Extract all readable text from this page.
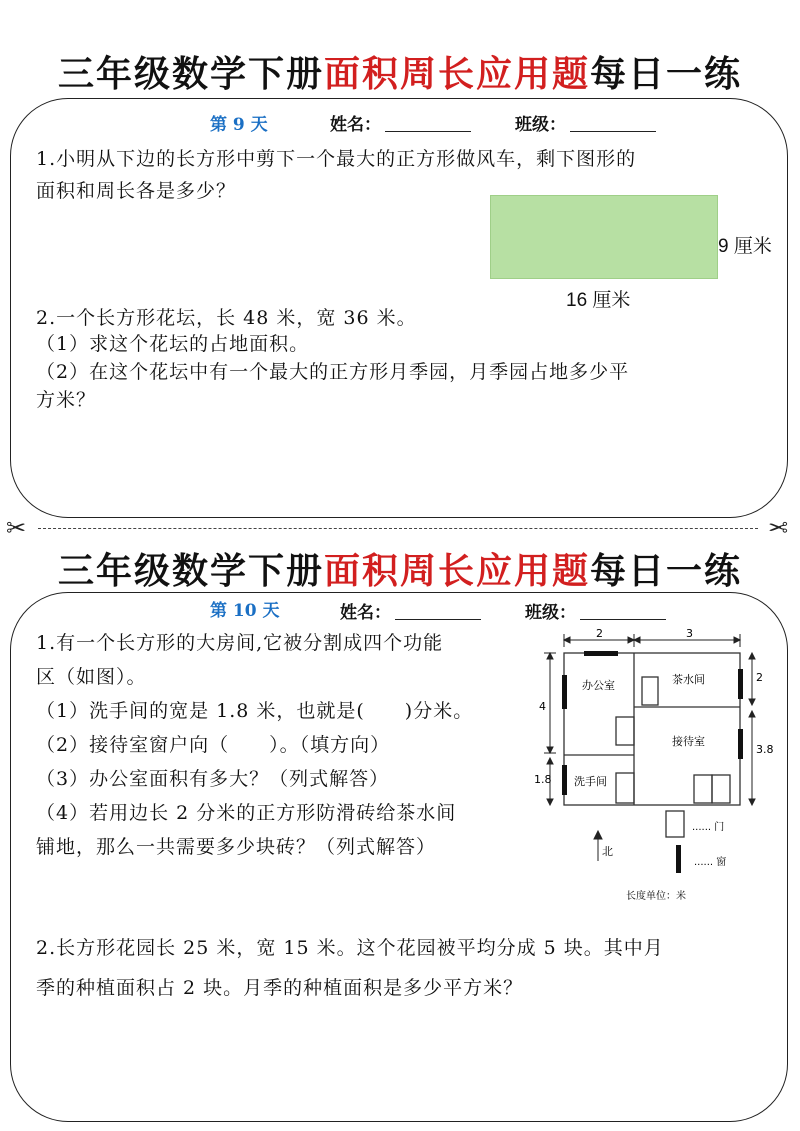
三年级数学下册面积周长应用题每日一练
第 9 天	姓名：	班级：
1.小明从下边的长方形中剪下一个最大的正方形做风车，剩下图形的
面积和周长各是多少？
9 厘米
16 厘米
2.一个长方形花坛，长 48 米，宽 36 米。
（1）求这个花坛的占地面积。
（2）在这个花坛中有一个最大的正方形月季园，月季园占地多少平
方米？
✂	✂
三年级数学下册面积周长应用题每日一练
第 10 天	姓名：	班级：
1.有一个长方形的大房间,它被分割成四个功能
区（如图）。
（1）洗手间的宽是 1.8 米，也就是(　　)分米。
（2）接待室窗户向（　　）。（填方向）
（3）办公室面积有多大？（列式解答）
（4）若用边长 2 分米的正方形防滑砖给茶水间
铺地，那么一共需要多少块砖？（列式解答）
2	3
4
1.8
2
3.8
办公室	茶水间
接待室
洗手间
北
...... 门
...... 窗
长度单位：米
2.长方形花园长 25 米，宽 15 米。这个花园被平均分成 5 块。其中月
季的种植面积占 2 块。月季的种植面积是多少平方米？
